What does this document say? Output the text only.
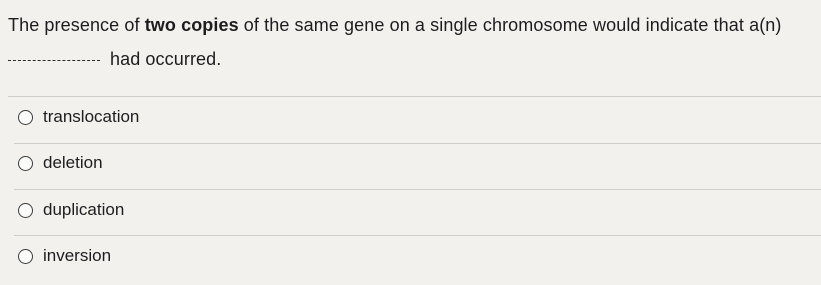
The presence of two copies of the same gene on a single chromosome would indicate that a(n)
had occurred.
translocation
deletion
duplication
inversion
